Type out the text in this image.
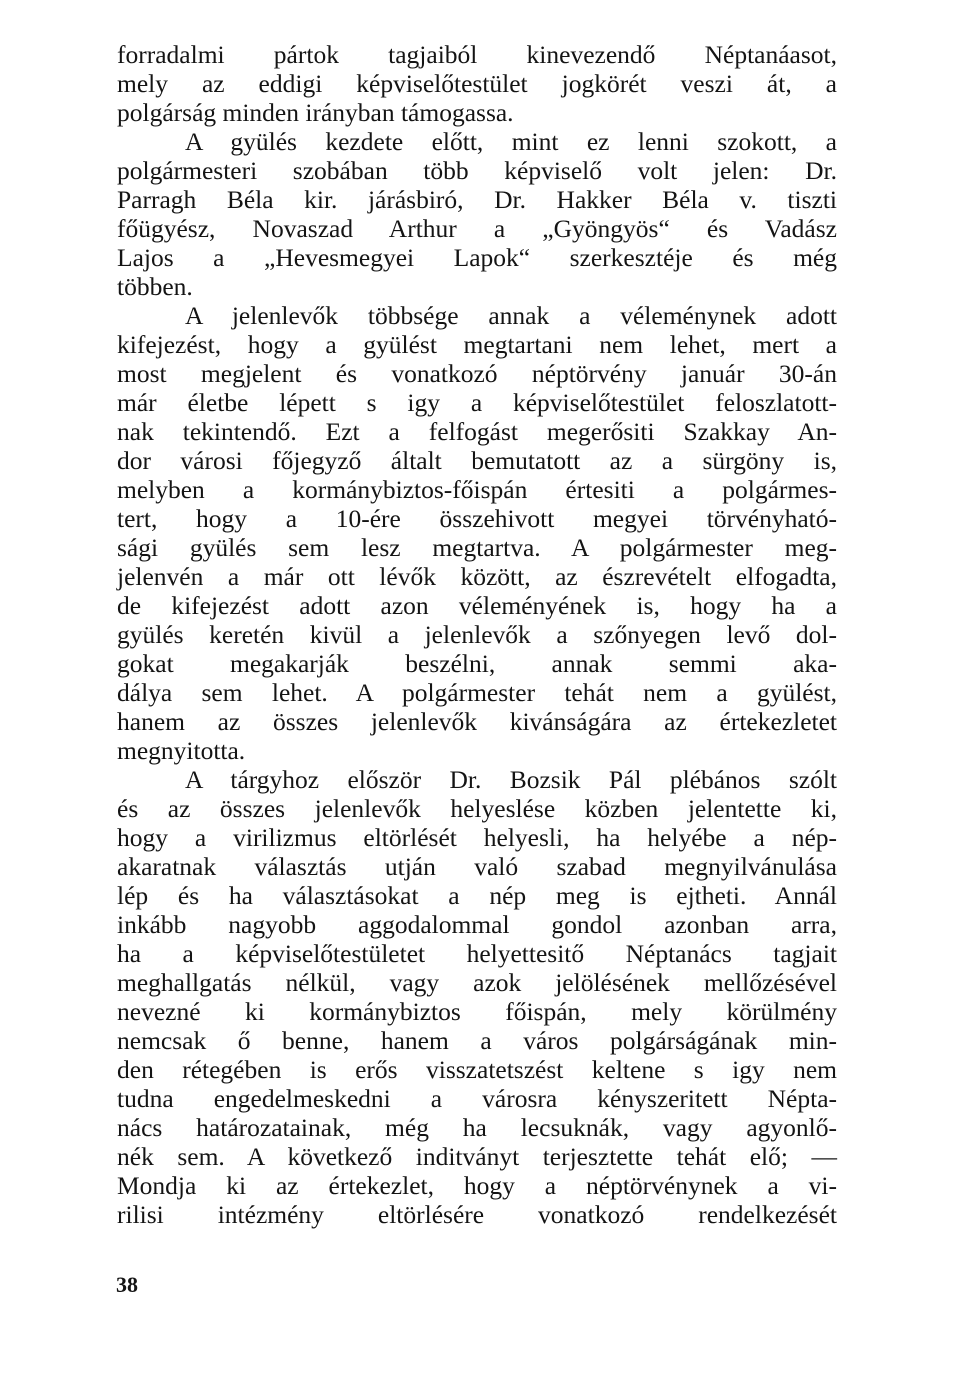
forradalmi pártok tagjaiból kinevezendő Néptanáasot,
mely az eddigi képviselőtestület jogkörét veszi át, a
polgárság minden irányban támogassa.
A gyülés kezdete előtt, mint ez lenni szokott, a
polgármesteri szobában több képviselő volt jelen: Dr.
Parragh Béla kir. járásbiró, Dr. Hakker Béla v. tiszti
főügyész, Novaszad Arthur a „Gyöngyös“ és Vadász
Lajos a „Hevesmegyei Lapok“ szerkesztéje és még
többen.
A jelenlevők többsége annak a véleménynek adott
kifejezést, hogy a gyülést megtartani nem lehet, mert a
most megjelent és vonatkozó néptörvény január 30-án
már életbe lépett s igy a képviselőtestület feloszlatott-
nak tekintendő. Ezt a felfogást megerősiti Szakkay An-
dor városi főjegyző általt bemutatott az a sürgöny is,
melyben a kormánybiztos-főispán értesiti a polgármes-
tert, hogy a 10-ére összehivott megyei törvényható-
sági gyülés sem lesz megtartva. A polgármester meg-
jelenvén a már ott lévők között, az észrevételt elfogadta,
de kifejezést adott azon véleményének is, hogy ha a
gyülés keretén kivül a jelenlevők a szőnyegen levő dol-
gokat megakarják beszélni, annak semmi aka-
dálya sem lehet. A polgármester tehát nem a gyülést,
hanem az összes jelenlevők kivánságára az értekezletet
megnyitotta.
A tárgyhoz először Dr. Bozsik Pál plébános szólt
és az összes jelenlevők helyeslése közben jelentette ki,
hogy a virilizmus eltörlését helyesli, ha helyébe a nép-
akaratnak választás utján való szabad megnyilvánulása
lép és ha választásokat a nép meg is ejtheti. Annál
inkább nagyobb aggodalommal gondol azonban arra,
ha a képviselőtestületet helyettesitő Néptanács tagjait
meghallgatás nélkül, vagy azok jelölésének mellőzésével
nevezné ki kormánybiztos főispán, mely körülmény
nemcsak ő benne, hanem a város polgárságának min-
den rétegében is erős visszatetszést keltene s igy nem
tudna engedelmeskedni a városra kényszeritett Népta-
nács határozatainak, még ha lecsuknák, vagy agyonlő-
nék sem. A következő inditványt terjesztette tehát elő; —
Mondja ki az értekezlet, hogy a néptörvénynek a vi-
rilisi intézmény eltörlésére vonatkozó rendelkezését
38
